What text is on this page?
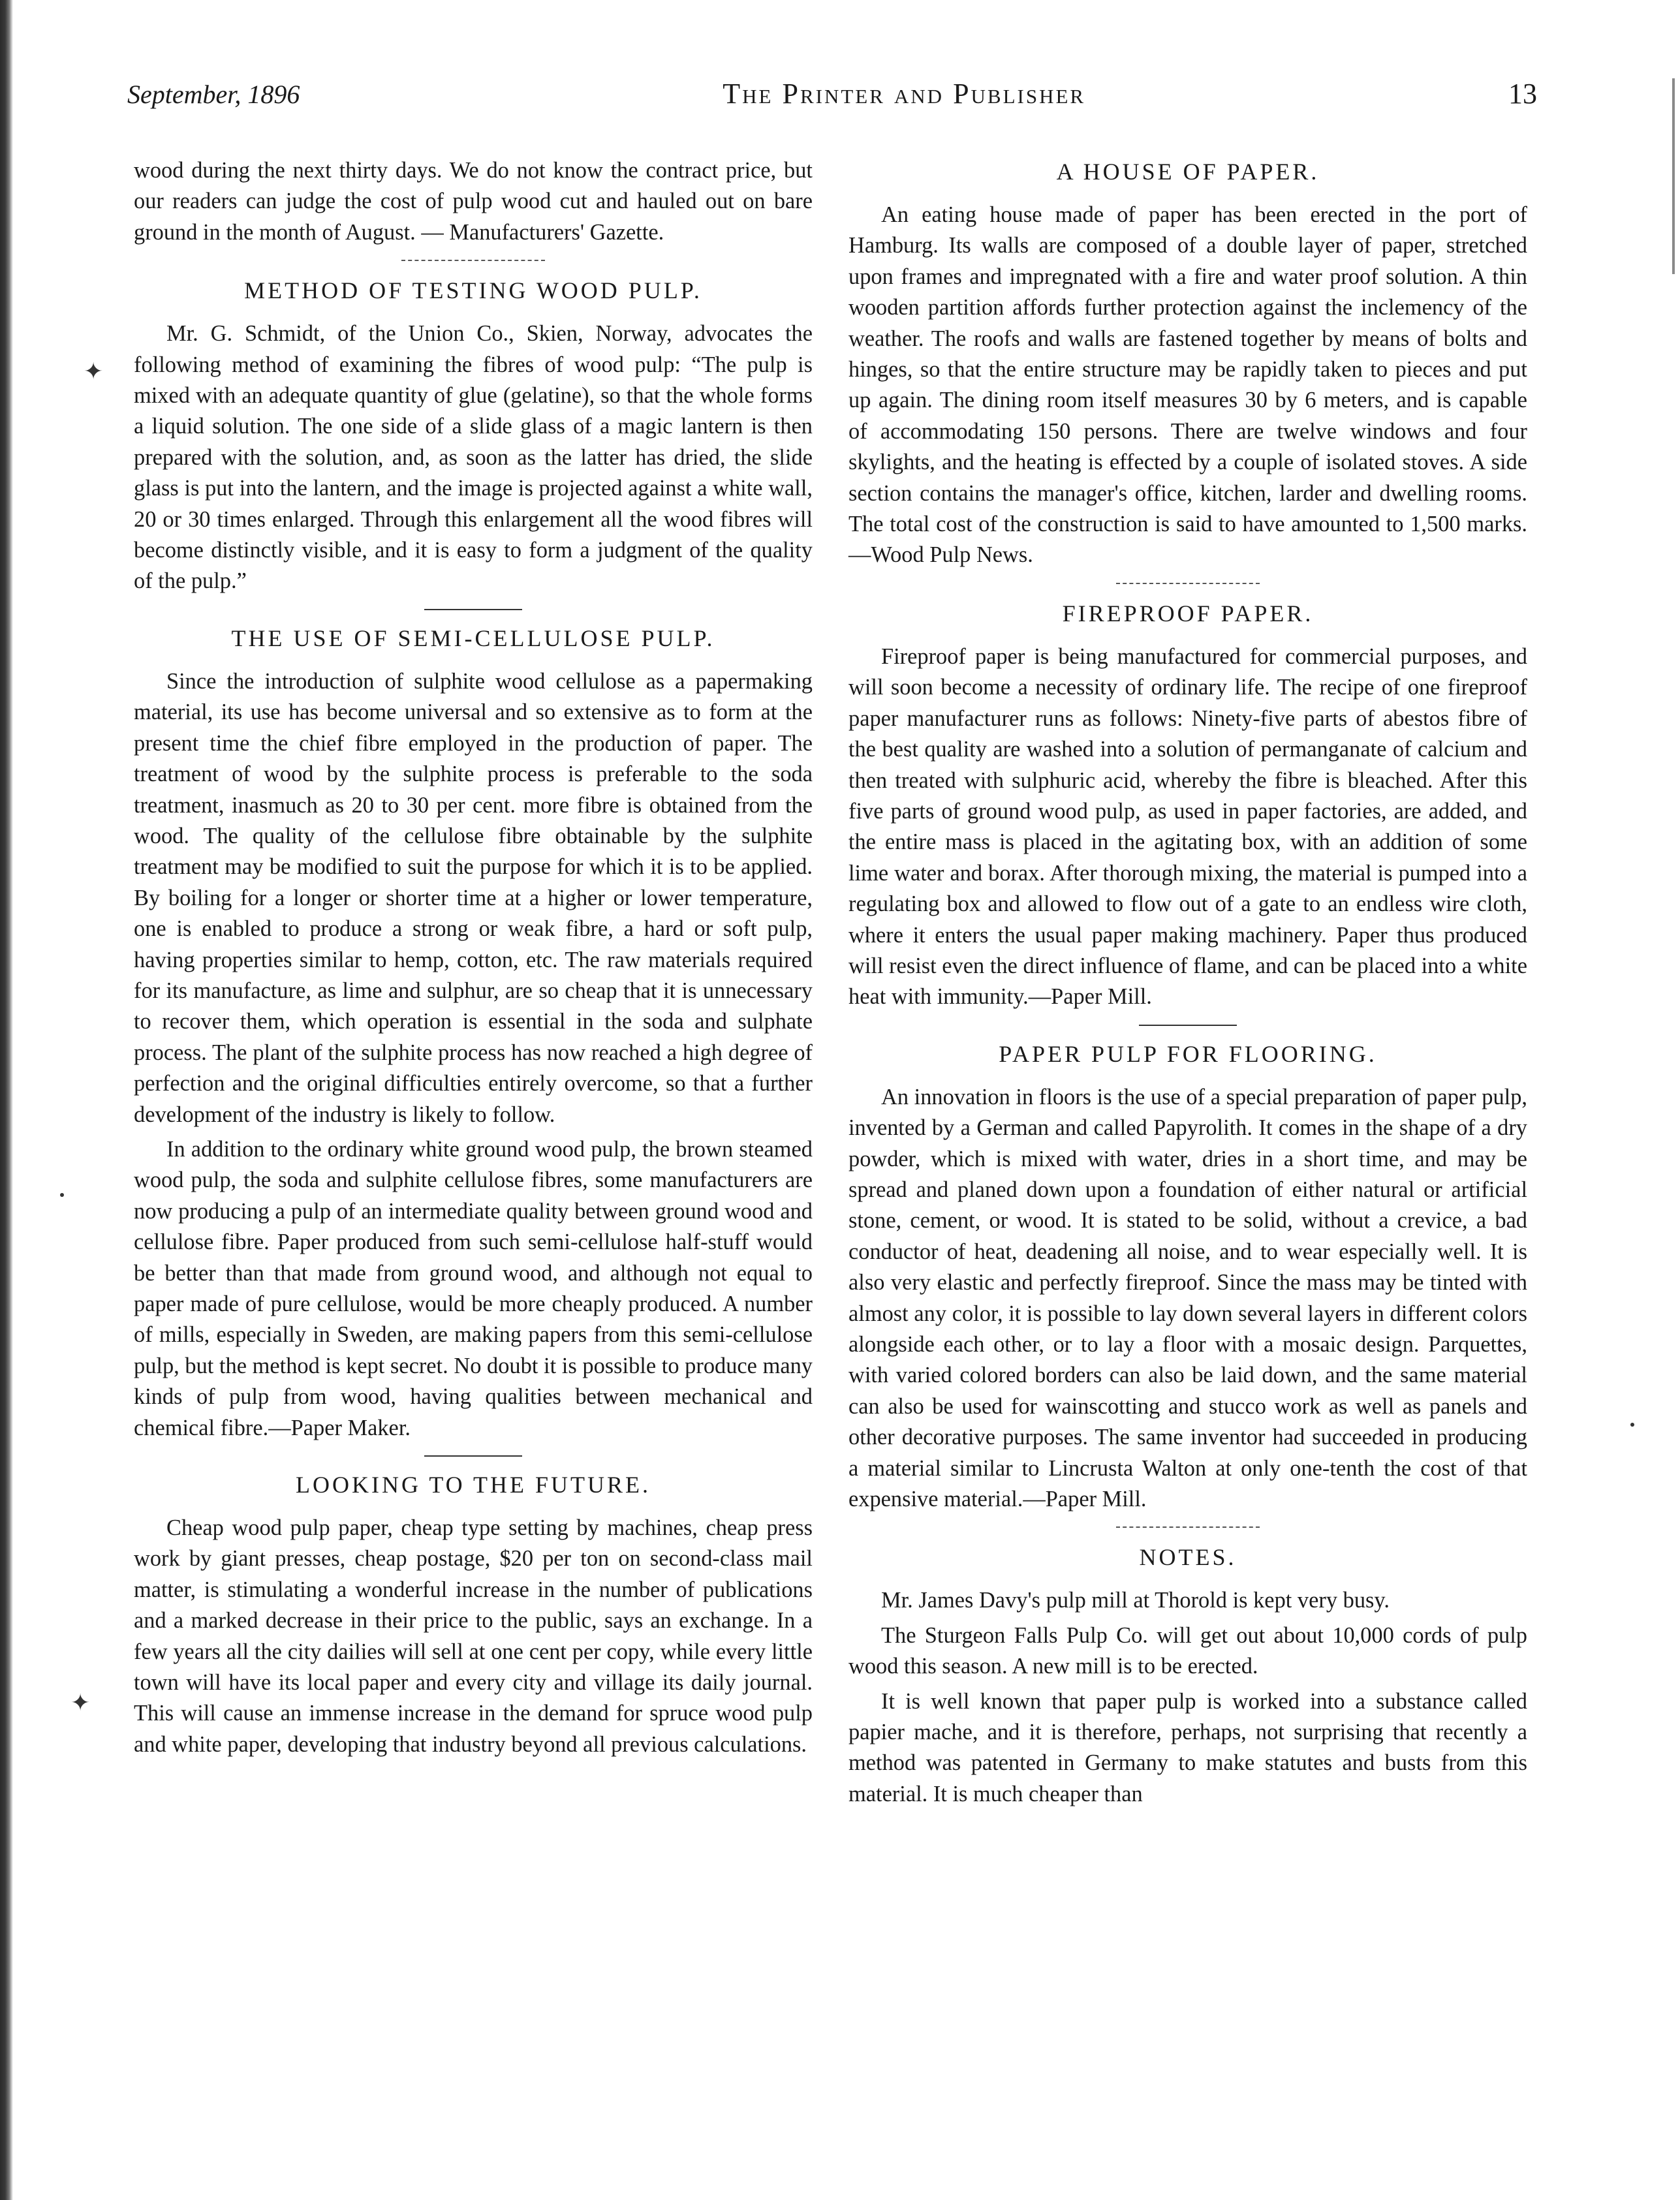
✦
✦
September, 1896	The Printer and Publisher	13

wood during the next thirty days. We do not know the contract price, but our readers can judge the cost of pulp wood cut and hauled out on bare ground in the month of August. — Manufacturers' Gazette.

METHOD OF TESTING WOOD PULP.

Mr. G. Schmidt, of the Union Co., Skien, Norway, advocates the following method of examining the fibres of wood pulp: “The pulp is mixed with an adequate quantity of glue (gelatine), so that the whole forms a liquid solution. The one side of a slide glass of a magic lantern is then prepared with the solution, and, as soon as the latter has dried, the slide glass is put into the lantern, and the image is projected against a white wall, 20 or 30 times enlarged. Through this enlargement all the wood fibres will become distinctly visible, and it is easy to form a judgment of the quality of the pulp.”

THE USE OF SEMI-CELLULOSE PULP.

Since the introduction of sulphite wood cellulose as a papermaking material, its use has become universal and so extensive as to form at the present time the chief fibre employed in the production of paper. The treatment of wood by the sulphite process is preferable to the soda treatment, inasmuch as 20 to 30 per cent. more fibre is obtained from the wood. The quality of the cellulose fibre obtainable by the sulphite treatment may be modified to suit the purpose for which it is to be applied. By boiling for a longer or shorter time at a higher or lower temperature, one is enabled to produce a strong or weak fibre, a hard or soft pulp, having properties similar to hemp, cotton, etc. The raw materials required for its manufacture, as lime and sulphur, are so cheap that it is unnecessary to recover them, which operation is essential in the soda and sulphate process. The plant of the sulphite process has now reached a high degree of perfection and the original difficulties entirely overcome, so that a further development of the industry is likely to follow.

In addition to the ordinary white ground wood pulp, the brown steamed wood pulp, the soda and sulphite cellulose fibres, some manufacturers are now producing a pulp of an intermediate quality between ground wood and cellulose fibre. Paper produced from such semi-cellulose half-stuff would be better than that made from ground wood, and although not equal to paper made of pure cellulose, would be more cheaply produced. A number of mills, especially in Sweden, are making papers from this semi-cellulose pulp, but the method is kept secret. No doubt it is possible to produce many kinds of pulp from wood, having qualities between mechanical and chemical fibre.—Paper Maker.

LOOKING TO THE FUTURE.

Cheap wood pulp paper, cheap type setting by machines, cheap press work by giant presses, cheap postage, $20 per ton on second-class mail matter, is stimulating a wonderful increase in the number of publications and a marked decrease in their price to the public, says an exchange. In a few years all the city dailies will sell at one cent per copy, while every little town will have its local paper and every city and village its daily journal. This will cause an immense increase in the demand for spruce wood pulp and white paper, developing that industry beyond all previous calculations.

A HOUSE OF PAPER.

An eating house made of paper has been erected in the port of Hamburg. Its walls are composed of a double layer of paper, stretched upon frames and impregnated with a fire and water proof solution. A thin wooden partition affords further protection against the inclemency of the weather. The roofs and walls are fastened together by means of bolts and hinges, so that the entire structure may be rapidly taken to pieces and put up again. The dining room itself measures 30 by 6 meters, and is capable of accommodating 150 persons. There are twelve windows and four skylights, and the heating is effected by a couple of isolated stoves. A side section contains the manager's office, kitchen, larder and dwelling rooms. The total cost of the construction is said to have amounted to 1,500 marks.—Wood Pulp News.

FIREPROOF PAPER.

Fireproof paper is being manufactured for commercial purposes, and will soon become a necessity of ordinary life. The recipe of one fireproof paper manufacturer runs as follows: Ninety-five parts of abestos fibre of the best quality are washed into a solution of permanganate of calcium and then treated with sulphuric acid, whereby the fibre is bleached. After this five parts of ground wood pulp, as used in paper factories, are added, and the entire mass is placed in the agitating box, with an addition of some lime water and borax. After thorough mixing, the material is pumped into a regulating box and allowed to flow out of a gate to an endless wire cloth, where it enters the usual paper making machinery. Paper thus produced will resist even the direct influence of flame, and can be placed into a white heat with immunity.—Paper Mill.

PAPER PULP FOR FLOORING.

An innovation in floors is the use of a special preparation of paper pulp, invented by a German and called Papyrolith. It comes in the shape of a dry powder, which is mixed with water, dries in a short time, and may be spread and planed down upon a foundation of either natural or artificial stone, cement, or wood. It is stated to be solid, without a crevice, a bad conductor of heat, deadening all noise, and to wear especially well. It is also very elastic and perfectly fireproof. Since the mass may be tinted with almost any color, it is possible to lay down several layers in different colors alongside each other, or to lay a floor with a mosaic design. Parquettes, with varied colored borders can also be laid down, and the same material can also be used for wainscotting and stucco work as well as panels and other decorative purposes. The same inventor had succeeded in producing a material similar to Lincrusta Walton at only one-tenth the cost of that expensive material.—Paper Mill.

NOTES.

Mr. James Davy's pulp mill at Thorold is kept very busy.

The Sturgeon Falls Pulp Co. will get out about 10,000 cords of pulp wood this season. A new mill is to be erected.

It is well known that paper pulp is worked into a substance called papier mache, and it is therefore, perhaps, not surprising that recently a method was patented in Germany to make statutes and busts from this material. It is much cheaper than
